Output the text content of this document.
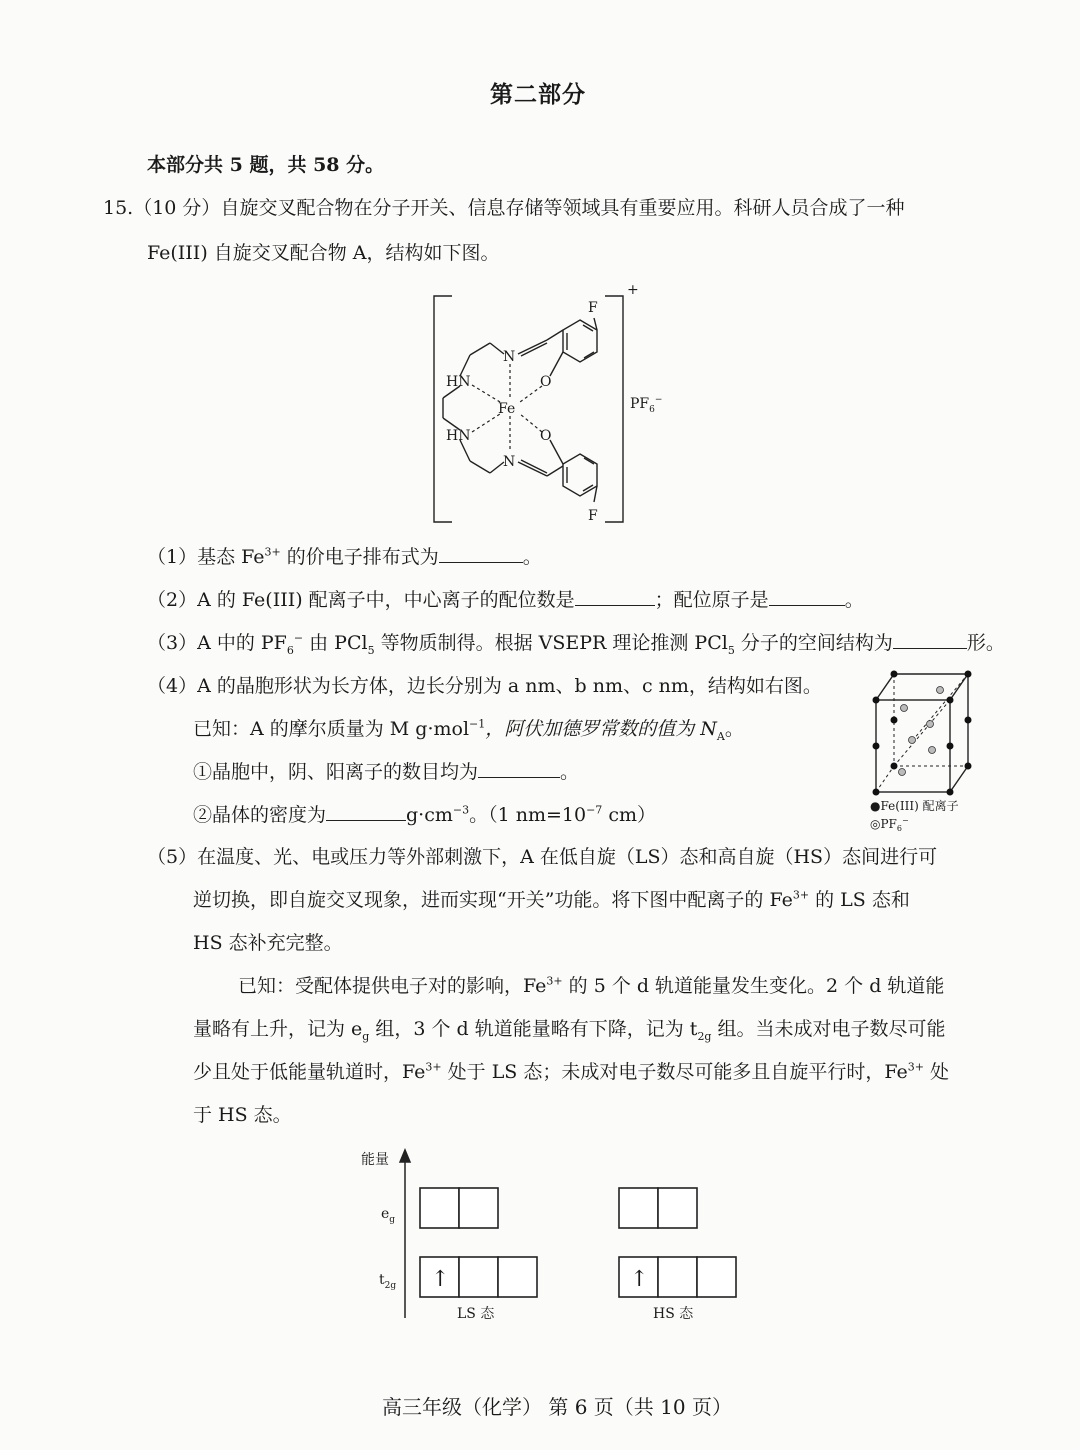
第二部分
本部分共 5 题，共 58 分。
15.（10 分）自旋交叉配合物在分子开关、信息存储等领域具有重要应用。科研人员合成了一种
Fe(III) 自旋交叉配合物 A，结构如下图。
F
+
N
O
HN
Fe
HN	O
N
F
$PF_6^-$
（1）基态 $Fe^{3+}$ 的价电子排布式为	。
（2）A 的 Fe(III) 配离子中，中心离子的配位数是	；配位原子是	。
（3）A 中的 $PF_6^-$ 由 PCl$_5$ 等物质制得。根据 VSEPR 理论推测 PCl$_5$ 分子的空间结构为	形。
（4）A 的晶胞形状为长方体，边长分别为 a nm、b nm、c nm，结构如右图。
已知：A 的摩尔质量为 M g·mol$^{-1}$，阿伏加德罗常数的值为 $N_A$。
①晶胞中，阴、阳离子的数目均为	。
②晶体的密度为	$g\cdot cm^{-3}$。（1 $nm=10^{-7}$ cm）	●Fe(III) 配离子
$◎PF_6^-$
（5）在温度、光、电或压力等外部刺激下，A 在低自旋（LS）态和高自旋（HS）态间进行可
逆切换，即自旋交叉现象，进而实现“开关”功能。将下图中配离子的 $Fe^{3+}$ 的 LS 态和
HS 态补充完整。
已知：受配体提供电子对的影响，$Fe^{3+}$ 的 5 个 d 轨道能量发生变化。2 个 d 轨道能
量略有上升，记为 $e_g$ 组，3 个 d 轨道能量略有下降，记为 $t_{2g}$ 组。当未成对电子数尽可能
少且处于低能量轨道时，$Fe^{3+}$ 处于 LS 态；未成对电子数尽可能多且自旋平行时，$Fe^{3+}$ 处
于 HS 态。
能量
$e_g$
$t_{2g}$ ↑	↑
LS 态	HS 态
高三年级（化学） 第 6 页（共 10 页）
